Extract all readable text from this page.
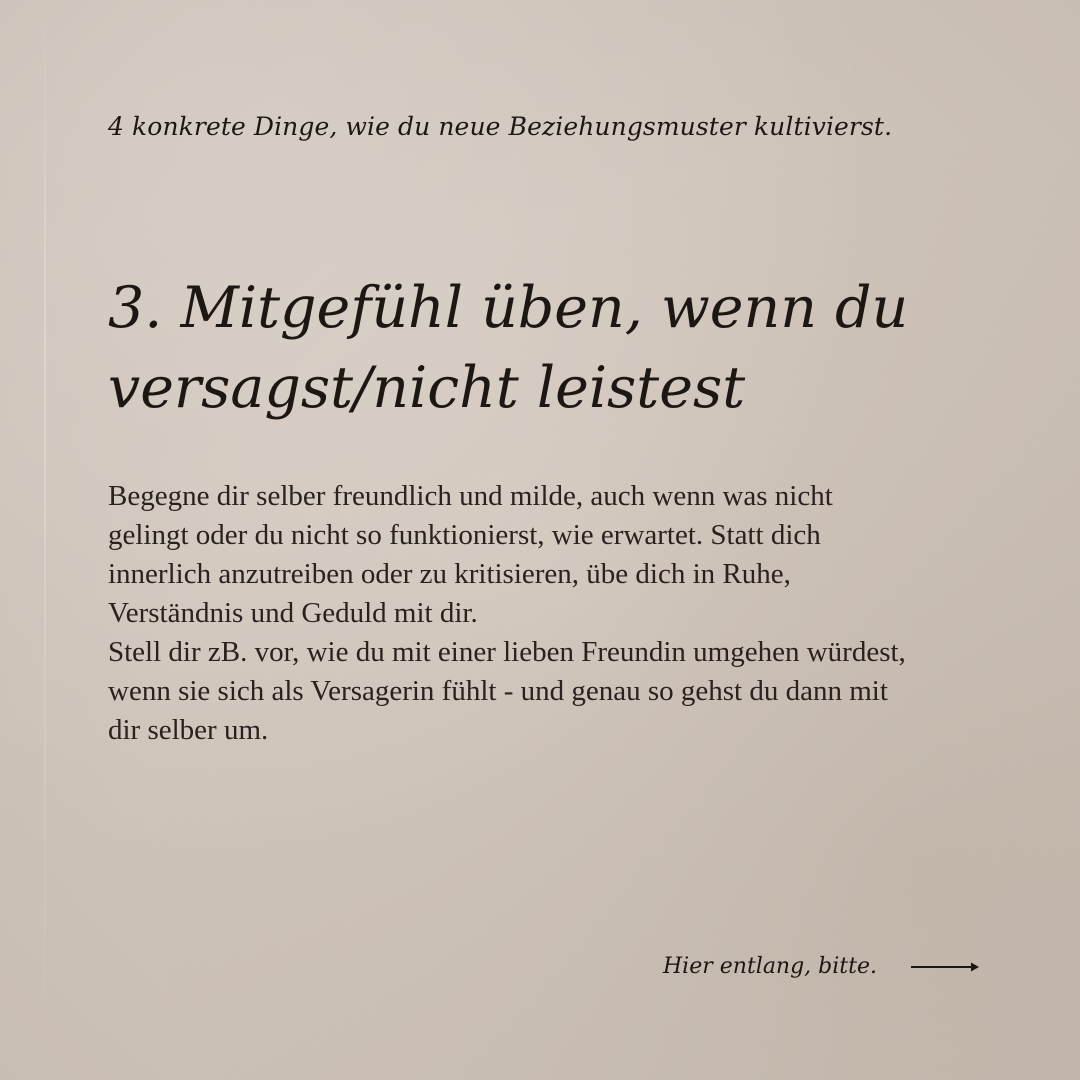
4 konkrete Dinge, wie du neue Beziehungsmuster kultivierst.
3. Mitgefühl üben, wenn du
versagst/nicht leistest

Begegne dir selber freundlich und milde, auch wenn was nicht gelingt oder du nicht so funktionierst, wie erwartet. Statt dich innerlich anzutreiben oder zu kritisieren, übe dich in Ruhe, Verständnis und Geduld mit dir.

Stell dir zB. vor, wie du mit einer lieben Freundin umgehen würdest, wenn sie sich als Versagerin fühlt - und genau so gehst du dann mit dir selber um.

Hier entlang, bitte.
